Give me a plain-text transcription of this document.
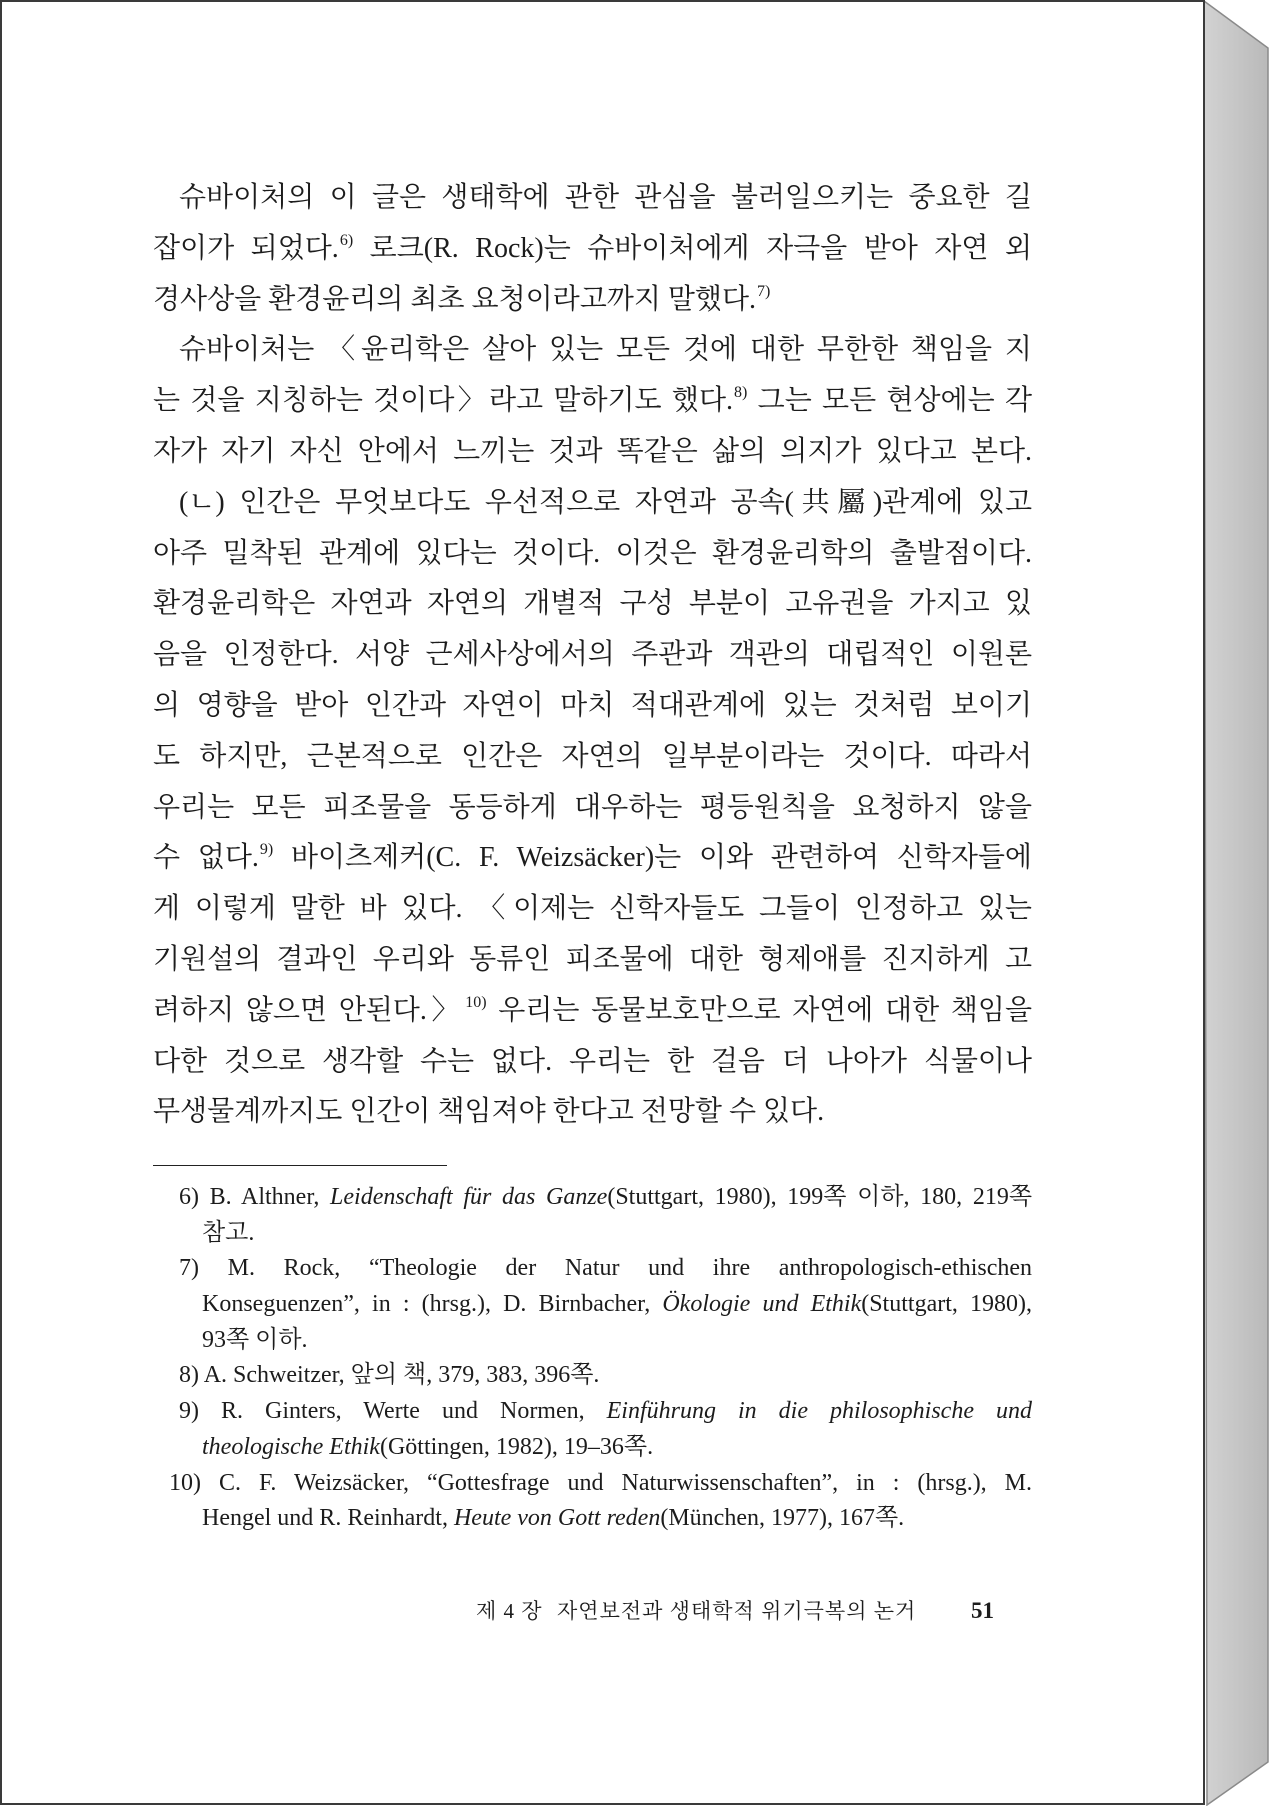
슈바이처의 이 글은 생태학에 관한 관심을 불러일으키는 중요한 길
잡이가 되었다.$^{6)}$ 로크(R. Rock)는 슈바이처에게 자극을 받아 자연 외
경사상을 환경윤리의 최초 요청이라고까지 말했다.$^{7)}$
슈바이처는 〈윤리학은 살아 있는 모든 것에 대한 무한한 책임을 지
는 것을 지칭하는 것이다〉라고 말하기도 했다.$^{8)}$ 그는 모든 현상에는 각
자가 자기 자신 안에서 느끼는 것과 똑같은 삶의 의지가 있다고 본다.
(ㄴ) 인간은 무엇보다도 우선적으로 자연과 공속(共屬)관계에 있고
아주 밀착된 관계에 있다는 것이다. 이것은 환경윤리학의 출발점이다.
환경윤리학은 자연과 자연의 개별적 구성 부분이 고유권을 가지고 있
음을 인정한다. 서양 근세사상에서의 주관과 객관의 대립적인 이원론
의 영향을 받아 인간과 자연이 마치 적대관계에 있는 것처럼 보이기
도 하지만, 근본적으로 인간은 자연의 일부분이라는 것이다. 따라서
우리는 모든 피조물을 동등하게 대우하는 평등원칙을 요청하지 않을
수 없다.$^{9)}$ 바이츠제커(C. F. Weizsäcker)는 이와 관련하여 신학자들에
게 이렇게 말한 바 있다. 〈이제는 신학자들도 그들이 인정하고 있는
기원설의 결과인 우리와 동류인 피조물에 대한 형제애를 진지하게 고
려하지 않으면 안된다.〉$^{10)}$ 우리는 동물보호만으로 자연에 대한 책임을
다한 것으로 생각할 수는 없다. 우리는 한 걸음 더 나아가 식물이나
무생물계까지도 인간이 책임져야 한다고 전망할 수 있다.
6) B. Althner, Leidenschaft für das Ganze(Stuttgart, 1980), 199쪽 이하, 180, 219쪽
참고.
7) M. Rock, “Theologie der Natur und ihre anthropologisch-ethischen
Konseguenzen”, in : (hrsg.), D. Birnbacher, Ökologie und Ethik(Stuttgart, 1980),
93쪽 이하.
8) A. Schweitzer, 앞의 책, 379, 383, 396쪽.
9) R. Ginters, Werte und Normen, Einführung in die philosophische und
theologische Ethik(Göttingen, 1982), 19–36쪽.
10) C. F. Weizsäcker, “Gottesfrage und Naturwissenschaften”, in : (hrsg.), M.
Hengel und R. Reinhardt, Heute von Gott reden(München, 1977), 167쪽.
제 4 장 자연보전과 생태학적 위기극복의 논거 51
